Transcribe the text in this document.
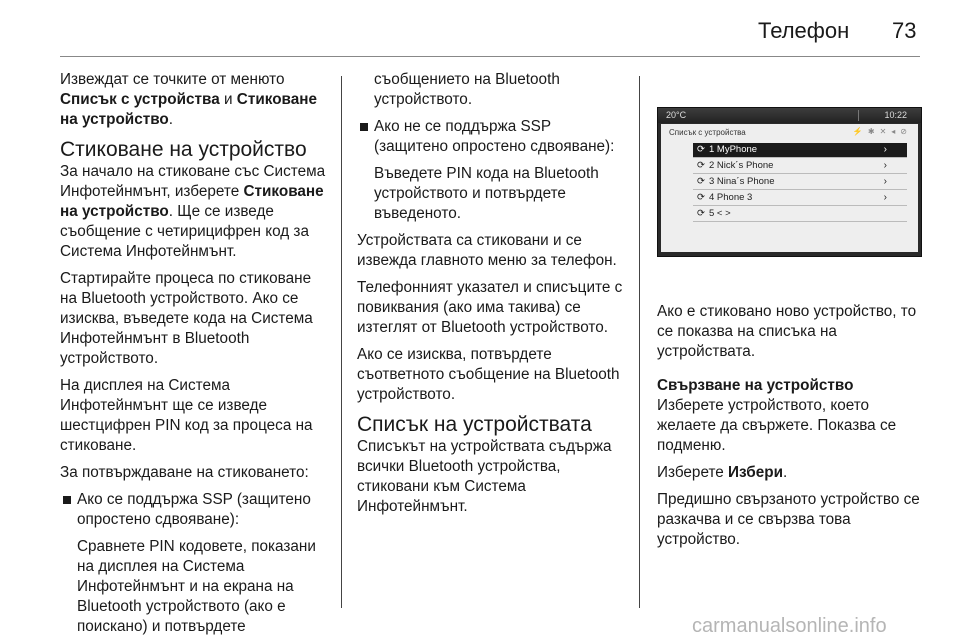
Телефон 73

Извеждат се точките от менюто Списък с устройства и Стиковане на устройство.

Стиковане на устройство

За начало на стиковане със Система Инфотейнмънт, изберете Стиковане на устройство. Ще се изведе съобщение с четирицифрен код за Система Инфотейнмънт.

Стартирайте процеса по стиковане на Bluetooth устройството. Ако се изисква, въведете кода на Система Инфотейнмънт в Bluetooth устройството.

На дисплея на Система Инфотейнмънт ще се изведе шестцифрен PIN код за процеса на стиковане.

За потвърждаване на стиковането:

Ако се поддържа SSP (защитено опростено сдвояване):
Сравнете PIN кодовете, показани на дисплея на Система Инфотейнмънт и на екрана на Bluetooth устройството (ако е поискано) и потвърдете
съобщението на Bluetooth устройството.
Ако не се поддържа SSP (защитено опростено сдвояване):
Въведете PIN кода на Bluetooth устройството и потвърдете въведеното.

Устройствата са стиковани и се извежда главното меню за телефон.

Телефонният указател и списъците с повиквания (ако има такива) се изтеглят от Bluetooth устройството.

Ако се изисква, потвърдете съответното съобщение на Bluetooth устройството.

Списък на устройствата

Списъкът на устройствата съдържа всички Bluetooth устройства, стиковани към Система Инфотейнмънт.

20°C	10:22
Списък с устройства	⚡✱✕◂⊘
⟳ 1 MyPhone	›
⟳ 2 Nick´s Phone	›
⟳ 3 Nina´s Phone	›
⟳ 4 Phone 3	›
⟳ 5 < >

Ако е стиковано ново устройство, то се показва на списъка на устройствата.

Свързване на устройство

Изберете устройството, което желаете да свържете. Показва се подменю.

Изберете Избери.

Предишно свързаното устройство се разкачва и се свързва това устройство.

carmanualsonline.info
